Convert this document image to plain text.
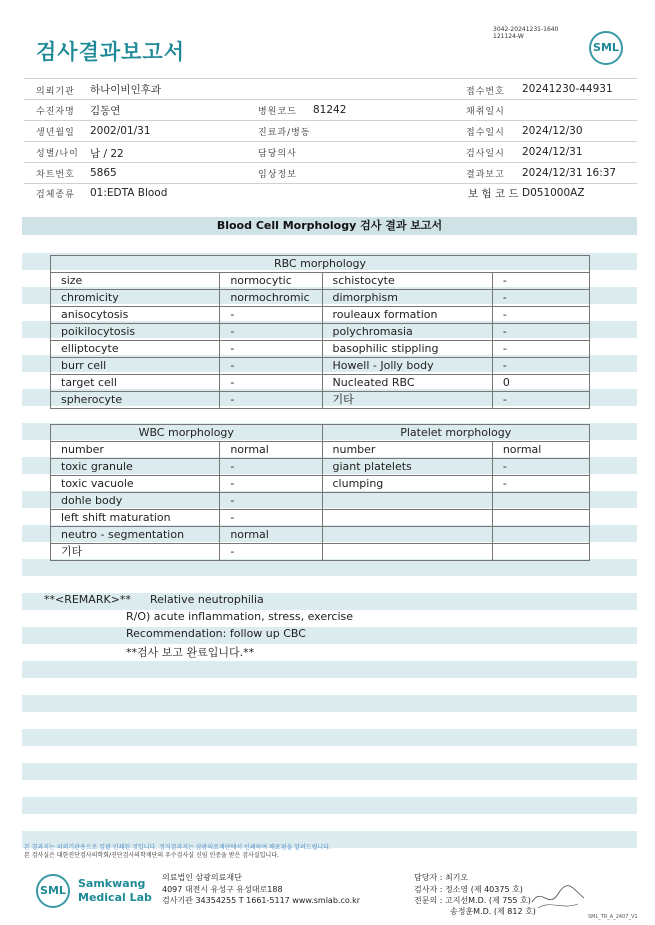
검사결과보고서
3042-20241231-1640
121124-W
SML
의뢰기관 하나이비인후과	접수번호 20241230-44931
수진자명 김동연	병원코드 81242	채취일시
생년월일 2002/01/31	진료과/병동	접수일시 2024/12/30
성별/나이 남 / 22	담당의사	검사일시 2024/12/31
차트번호 5865	임상정보	결과보고 2024/12/31 16:37
검체종류 01:EDTA Blood	보 험 코 드 D051000AZ
Blood Cell Morphology 검사 결과 보고서
RBC morphology			
size	normocytic	schistocyte	-
chromicity	normochromic	dimorphism	-
anisocytosis	-	rouleaux formation	-
poikilocytosis	-	polychromasia	-
elliptocyte	-	basophilic stippling	-
burr cell	-	Howell - Jolly body	-
target cell	-	Nucleated RBC	0
spherocyte	-	기타	-
WBC morphology		Platelet morphology	
number	normal	number	normal
toxic granule	-	giant platelets	-
toxic vacuole	-	clumping	-
dohle body	-		
left shift maturation	-		
neutro - segmentation	normal		
기타	-		
**<REMARK>** Relative neutrophilia
R/O) acute inflammation, stress, exercise
Recommendation: follow up CBC
**검사 보고 완료입니다.**
본 결과지는 의뢰기관용으로 일괄 인쇄된 것입니다. 정식결과지는 삼광의료재단에서 인쇄하여 배포됨을 알려드립니다.
본 검사실은 대한진단검사의학회/진단검사의학재단의 우수검사실 신임 인증을 받은 검사실입니다.
SML
Samkwang
Medical Lab
의료법인 삼광의료재단
4097 대전시 유성구 유성대로188
검사기관 34354255 T 1661-5117 www.smlab.co.kr
담당자 : 최기오
검사자 : 정소영 (제 40375 호)
전문의 : 고지선M.D. (제 755 호)
송정훈M.D. (제 812 호)
SML_TR_A_2407_V1
